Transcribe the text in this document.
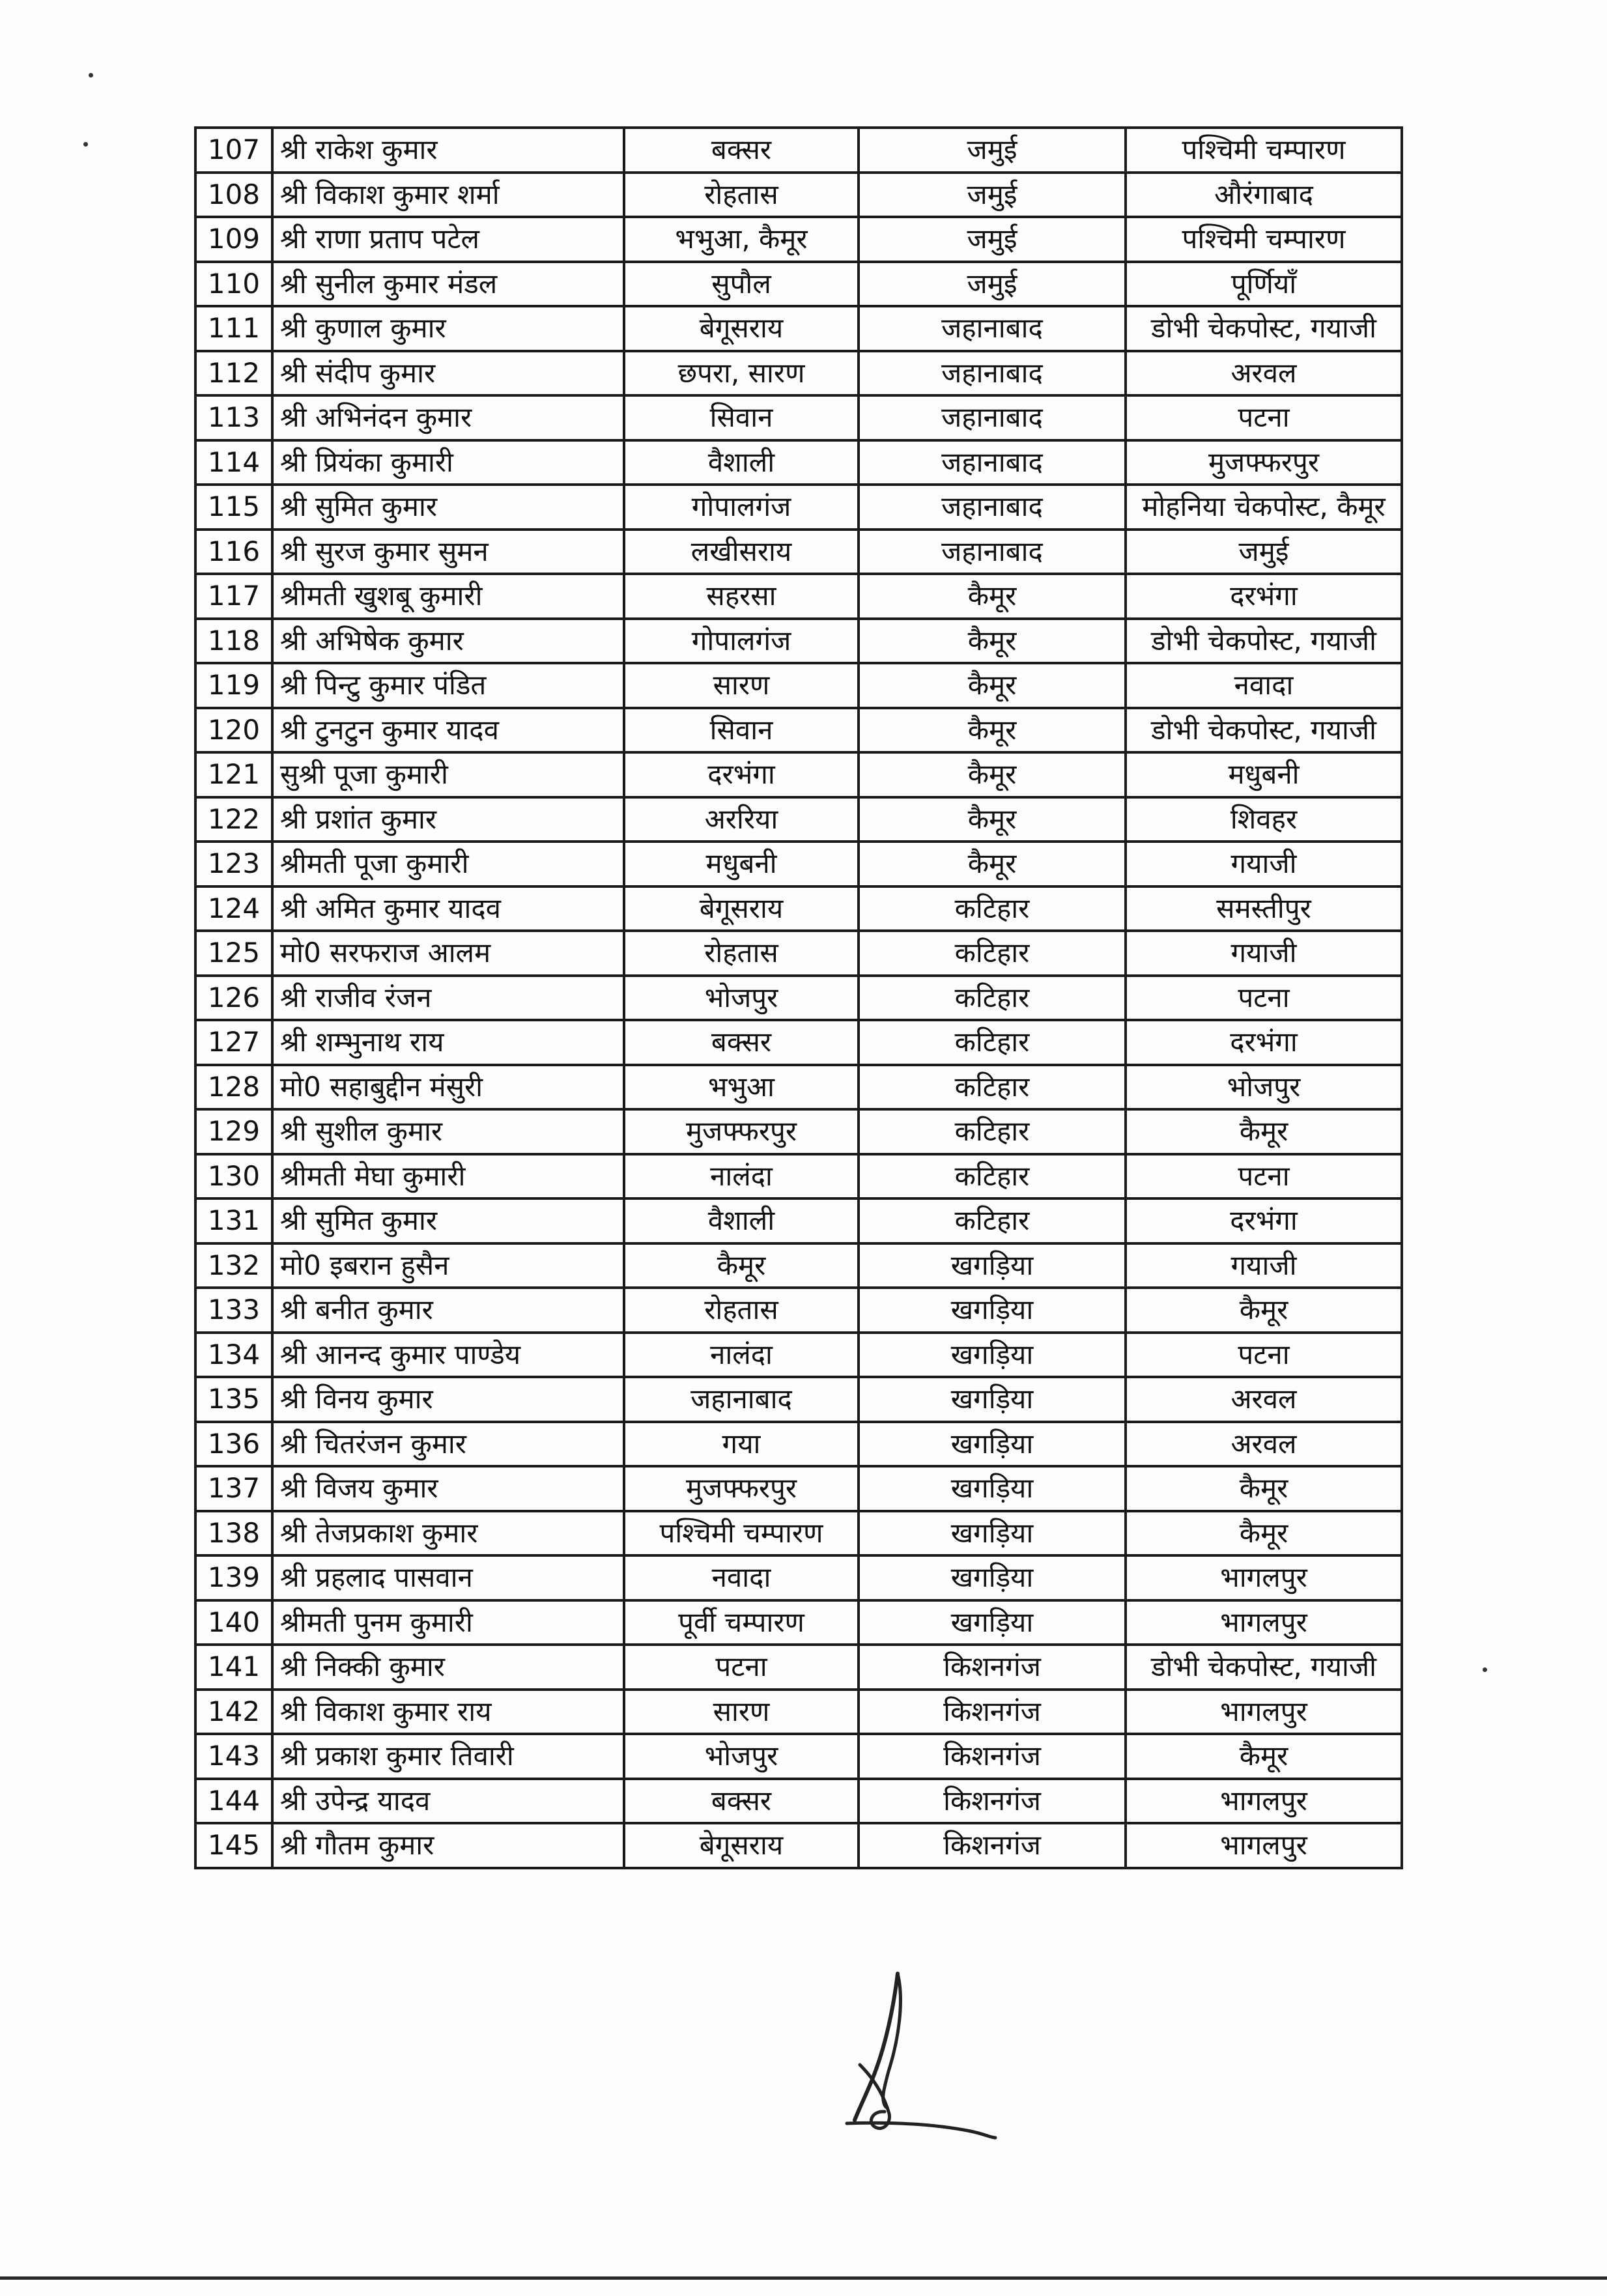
107	श्री राकेश कुमार	बक्सर	जमुई	पश्चिमी चम्पारण
108	श्री विकाश कुमार शर्मा	रोहतास	जमुई	औरंगाबाद
109	श्री राणा प्रताप पटेल	भभुआ, कैमूर	जमुई	पश्चिमी चम्पारण
110	श्री सुनील कुमार मंडल	सुपौल	जमुई	पूर्णियाँ
111	श्री कुणाल कुमार	बेगूसराय	जहानाबाद	डोभी चेकपोस्ट, गयाजी
112	श्री संदीप कुमार	छपरा, सारण	जहानाबाद	अरवल
113	श्री अभिनंदन कुमार	सिवान	जहानाबाद	पटना
114	श्री प्रियंका कुमारी	वैशाली	जहानाबाद	मुजफ्फरपुर
115	श्री सुमित कुमार	गोपालगंज	जहानाबाद	मोहनिया चेकपोस्ट, कैमूर
116	श्री सुरज कुमार सुमन	लखीसराय	जहानाबाद	जमुई
117	श्रीमती खुशबू कुमारी	सहरसा	कैमूर	दरभंगा
118	श्री अभिषेक कुमार	गोपालगंज	कैमूर	डोभी चेकपोस्ट, गयाजी
119	श्री पिन्टु कुमार पंडित	सारण	कैमूर	नवादा
120	श्री टुनटुन कुमार यादव	सिवान	कैमूर	डोभी चेकपोस्ट, गयाजी
121	सुश्री पूजा कुमारी	दरभंगा	कैमूर	मधुबनी
122	श्री प्रशांत कुमार	अररिया	कैमूर	शिवहर
123	श्रीमती पूजा कुमारी	मधुबनी	कैमूर	गयाजी
124	श्री अमित कुमार यादव	बेगूसराय	कटिहार	समस्तीपुर
125	मो0 सरफराज आलम	रोहतास	कटिहार	गयाजी
126	श्री राजीव रंजन	भोजपुर	कटिहार	पटना
127	श्री शम्भुनाथ राय	बक्सर	कटिहार	दरभंगा
128	मो0 सहाबुद्दीन मंसुरी	भभुआ	कटिहार	भोजपुर
129	श्री सुशील कुमार	मुजफ्फरपुर	कटिहार	कैमूर
130	श्रीमती मेघा कुमारी	नालंदा	कटिहार	पटना
131	श्री सुमित कुमार	वैशाली	कटिहार	दरभंगा
132	मो0 इबरान हुसैन	कैमूर	खगड़िया	गयाजी
133	श्री बनीत कुमार	रोहतास	खगड़िया	कैमूर
134	श्री आनन्द कुमार पाण्डेय	नालंदा	खगड़िया	पटना
135	श्री विनय कुमार	जहानाबाद	खगड़िया	अरवल
136	श्री चितरंजन कुमार	गया	खगड़िया	अरवल
137	श्री विजय कुमार	मुजफ्फरपुर	खगड़िया	कैमूर
138	श्री तेजप्रकाश कुमार	पश्चिमी चम्पारण	खगड़िया	कैमूर
139	श्री प्रहलाद पासवान	नवादा	खगड़िया	भागलपुर
140	श्रीमती पुनम कुमारी	पूर्वी चम्पारण	खगड़िया	भागलपुर
141	श्री निक्की कुमार	पटना	किशनगंज	डोभी चेकपोस्ट, गयाजी
142	श्री विकाश कुमार राय	सारण	किशनगंज	भागलपुर
143	श्री प्रकाश कुमार तिवारी	भोजपुर	किशनगंज	कैमूर
144	श्री उपेन्द्र यादव	बक्सर	किशनगंज	भागलपुर
145	श्री गौतम कुमार	बेगूसराय	किशनगंज	भागलपुर
